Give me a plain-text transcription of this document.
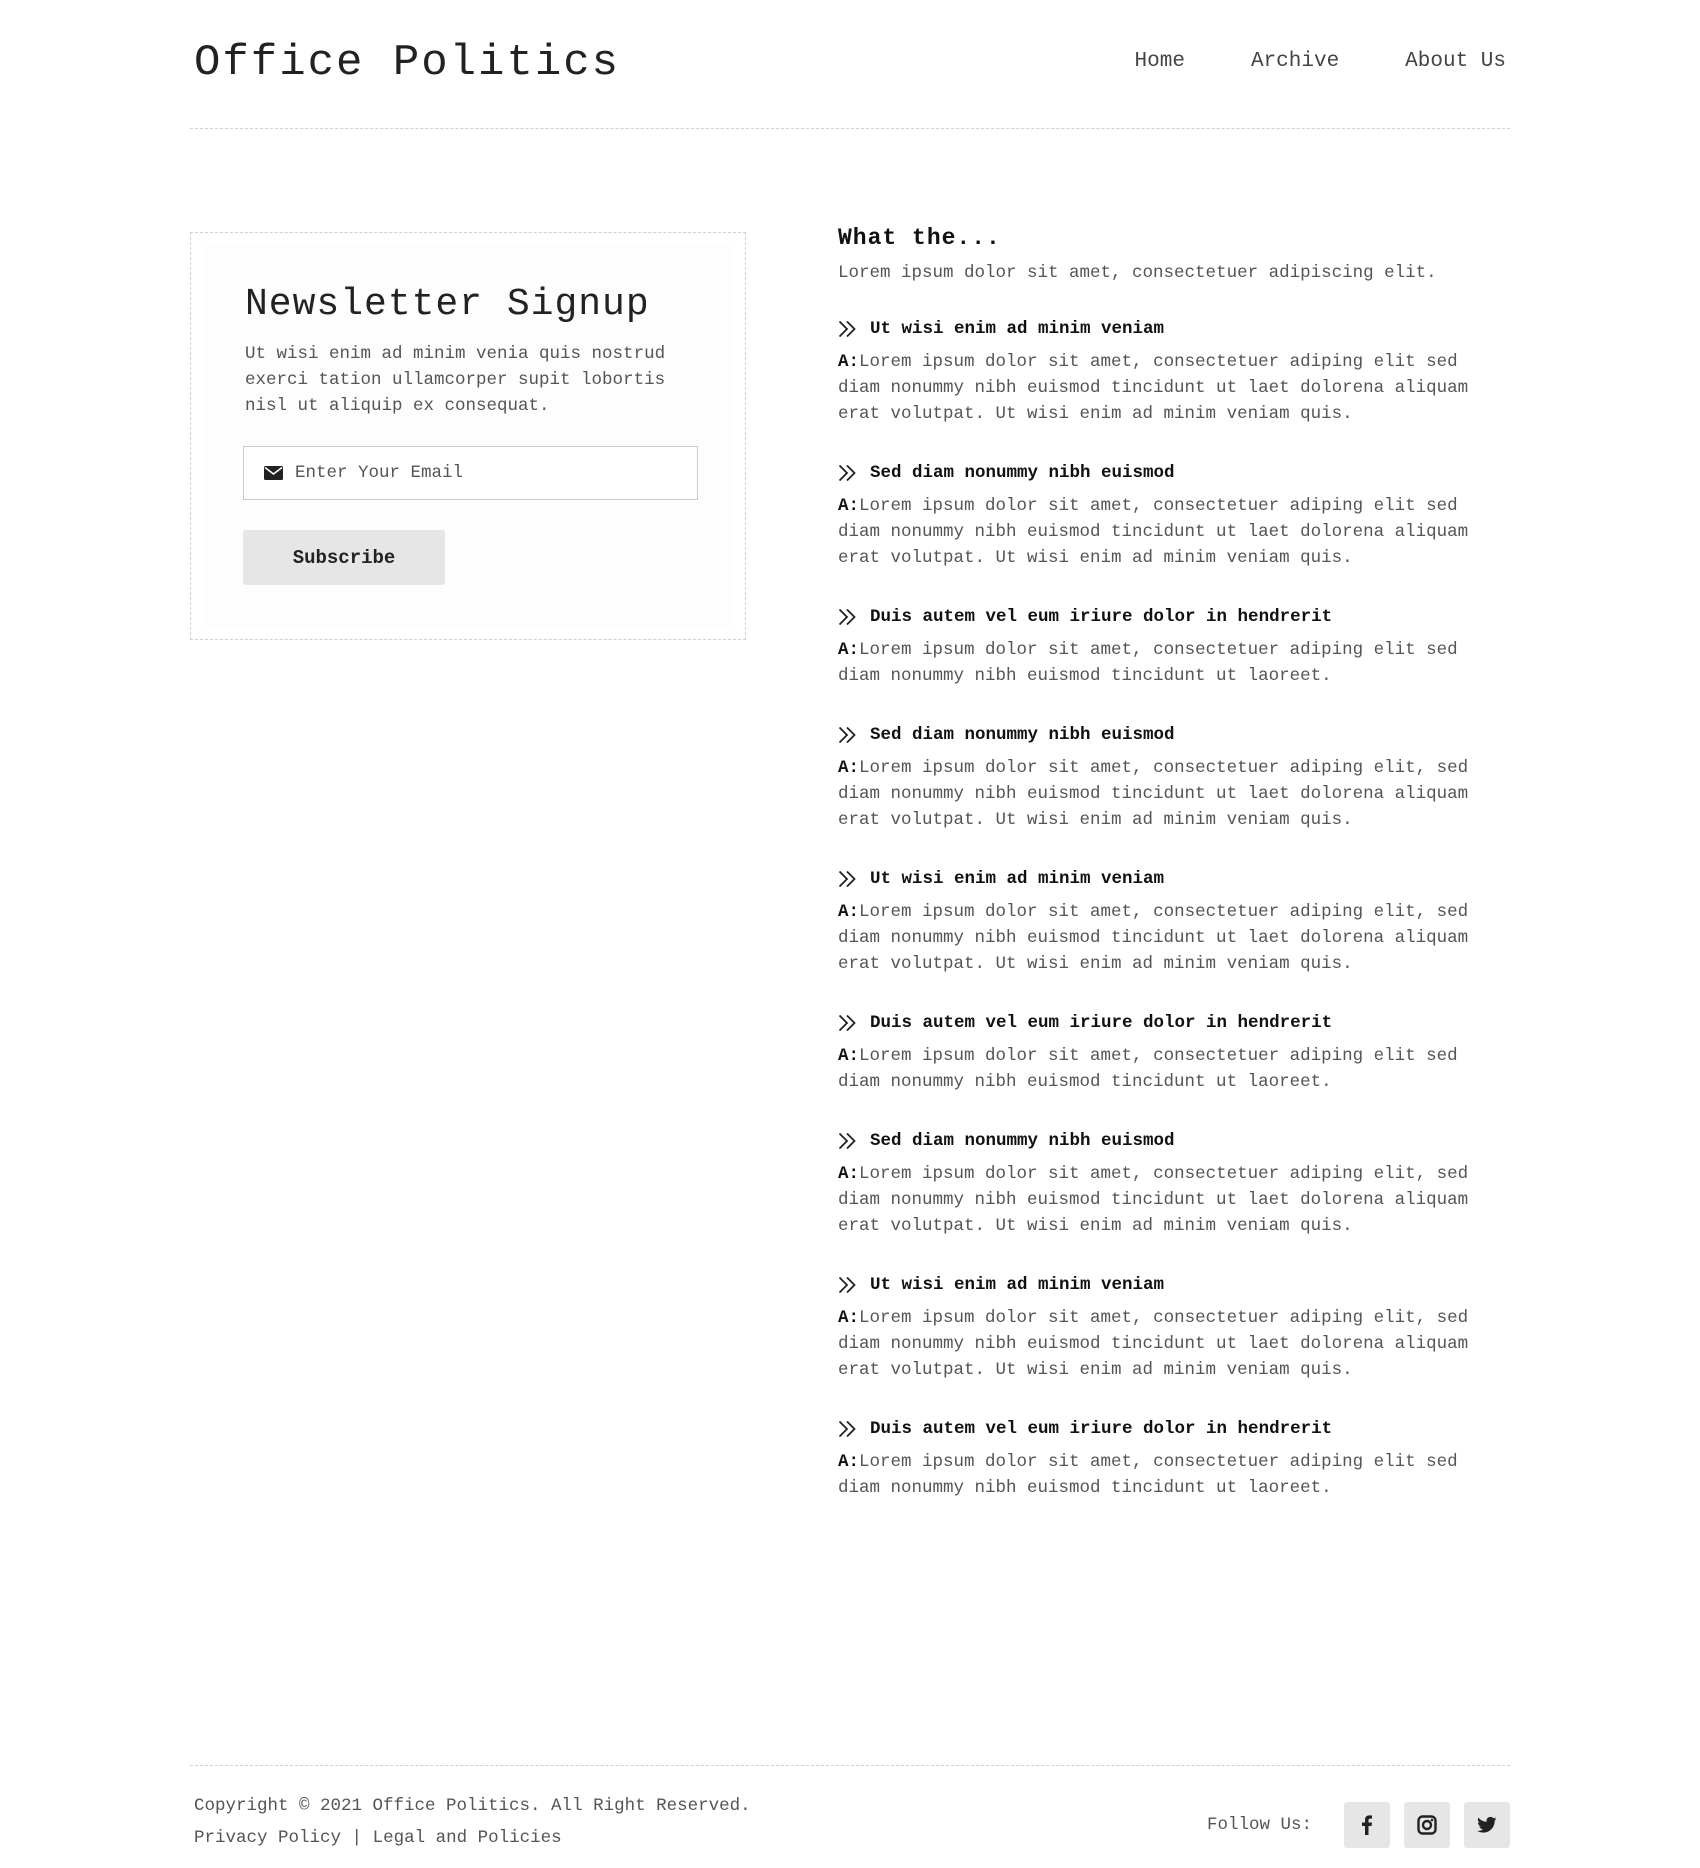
Office Politics	Home	Archive	About Us
Newsletter Signup

Ut wisi enim ad minim venia quis nostrud exerci tation ullamcorper supit lobortis nisl ut aliquip ex consequat.

Enter Your Email
Subscribe
What the...

Lorem ipsum dolor sit amet, consectetuer adipiscing elit.

Ut wisi enim ad minim veniam

A:Lorem ipsum dolor sit amet, consectetuer adiping elit sed diam nonummy nibh euismod tincidunt ut laet dolorena aliquam erat volutpat. Ut wisi enim ad minim veniam quis.

Sed diam nonummy nibh euismod

A:Lorem ipsum dolor sit amet, consectetuer adiping elit sed diam nonummy nibh euismod tincidunt ut laet dolorena aliquam erat volutpat. Ut wisi enim ad minim veniam quis.

Duis autem vel eum iriure dolor in hendrerit

A:Lorem ipsum dolor sit amet, consectetuer adiping elit sed diam nonummy nibh euismod tincidunt ut laoreet.

Sed diam nonummy nibh euismod

A:Lorem ipsum dolor sit amet, consectetuer adiping elit, sed diam nonummy nibh euismod tincidunt ut laet dolorena aliquam erat volutpat. Ut wisi enim ad minim veniam quis.

Ut wisi enim ad minim veniam

A:Lorem ipsum dolor sit amet, consectetuer adiping elit, sed diam nonummy nibh euismod tincidunt ut laet dolorena aliquam erat volutpat. Ut wisi enim ad minim veniam quis.

Duis autem vel eum iriure dolor in hendrerit

A:Lorem ipsum dolor sit amet, consectetuer adiping elit sed diam nonummy nibh euismod tincidunt ut laoreet.

Sed diam nonummy nibh euismod

A:Lorem ipsum dolor sit amet, consectetuer adiping elit, sed diam nonummy nibh euismod tincidunt ut laet dolorena aliquam erat volutpat. Ut wisi enim ad minim veniam quis.

Ut wisi enim ad minim veniam

A:Lorem ipsum dolor sit amet, consectetuer adiping elit, sed diam nonummy nibh euismod tincidunt ut laet dolorena aliquam erat volutpat. Ut wisi enim ad minim veniam quis.

Duis autem vel eum iriure dolor in hendrerit

A:Lorem ipsum dolor sit amet, consectetuer adiping elit sed diam nonummy nibh euismod tincidunt ut laoreet.

Copyright © 2021 Office Politics. All Right Reserved.

Privacy Policy | Legal and Policies
Follow Us:
